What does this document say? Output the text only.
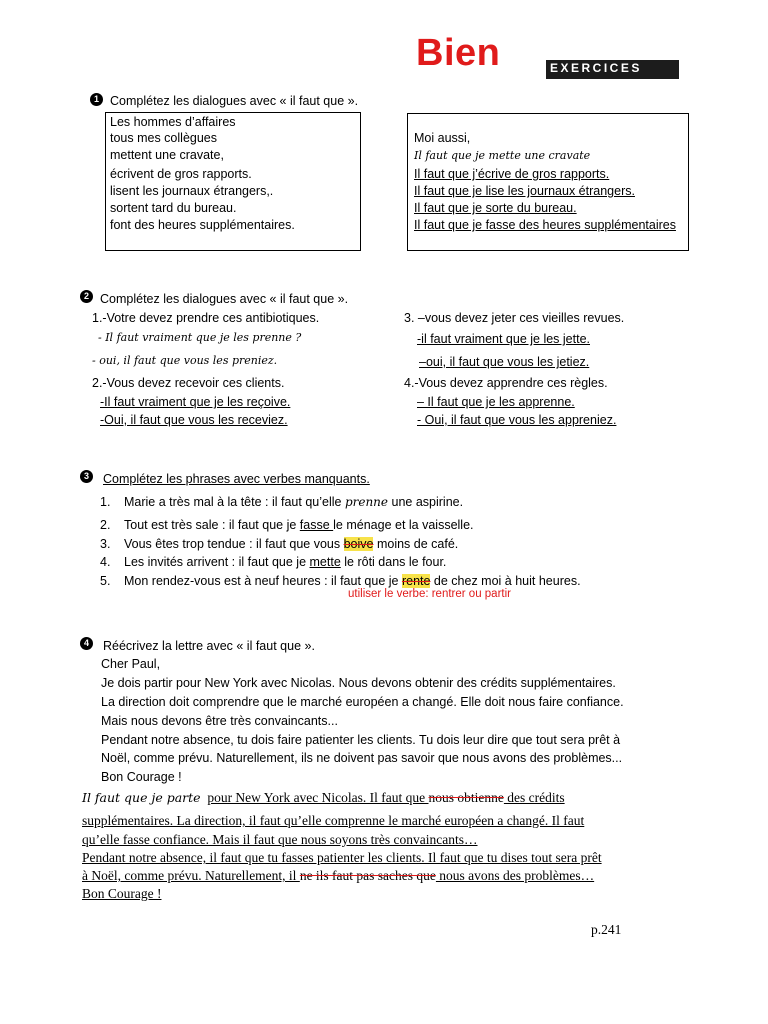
Bien	EXERCICES
1 Complétez les dialogues avec « il faut que ».
Les hommes d’affaires
tous mes collègues
mettent une cravate,
écrivent de gros rapports.
lisent les journaux étrangers,.
sortent tard du bureau.
font des heures supplémentaires.
Moi aussi,
Il faut que je mette une cravate
Il faut que j’écrive de gros rapports.
Il faut que je lise les journaux étrangers.
Il faut que je sorte du bureau.
Il faut que je fasse des heures supplémentaires
2 Complétez les dialogues avec « il faut que ».
1.-Votre devez prendre ces antibiotiques.
- Il faut vraiment que je les prenne ?
- oui, il faut que vous les preniez.
2.-Vous devez recevoir ces clients.
-Il faut vraiment que je les reçoive.
-Oui, il faut que vous les receviez.
3. –vous devez jeter ces vieilles revues.
-il faut vraiment que je les jette.
–oui, il faut que vous les jetiez.
4.-Vous devez apprendre ces règles.
– Il faut que je les apprenne.
- Oui, il faut que vous les appreniez.
3	Complétez les phrases avec verbes manquants.
1. Marie a très mal à la tête : il faut qu’elle prenne une aspirine.
2. Tout est très sale : il faut que je fasse le ménage et la vaisselle.
3. Vous êtes trop tendue : il faut que vous boive moins de café.
4. Les invités arrivent : il faut que je mette le rôti dans le four.
5. Mon rendez-vous est à neuf heures : il faut que je rente de chez moi à huit heures.
utiliser le verbe: rentrer ou partir
4	Réécrivez la lettre avec « il faut que ».
Cher Paul,
Je dois partir pour New York avec Nicolas. Nous devons obtenir des crédits supplémentaires.
La direction doit comprendre que le marché européen a changé. Elle doit nous faire confiance.
Mais nous devons être très convaincants...
Pendant notre absence, tu dois faire patienter les clients. Tu dois leur dire que tout sera prêt à
Noël, comme prévu. Naturellement, ils ne doivent pas savoir que nous avons des problèmes...
Bon Courage !
Il faut que je parte pour New York avec Nicolas. Il faut que nous obtienne des crédits
supplémentaires. La direction, il faut qu’elle comprenne le marché européen a changé. Il faut
qu’elle fasse confiance. Mais il faut que nous soyons très convaincants…
Pendant notre absence, il faut que tu fasses patienter les clients. Il faut que tu dises tout sera prêt
à Noël, comme prévu. Naturellement, il ne ils faut pas saches que nous avons des problèmes…
Bon Courage !
p.241
